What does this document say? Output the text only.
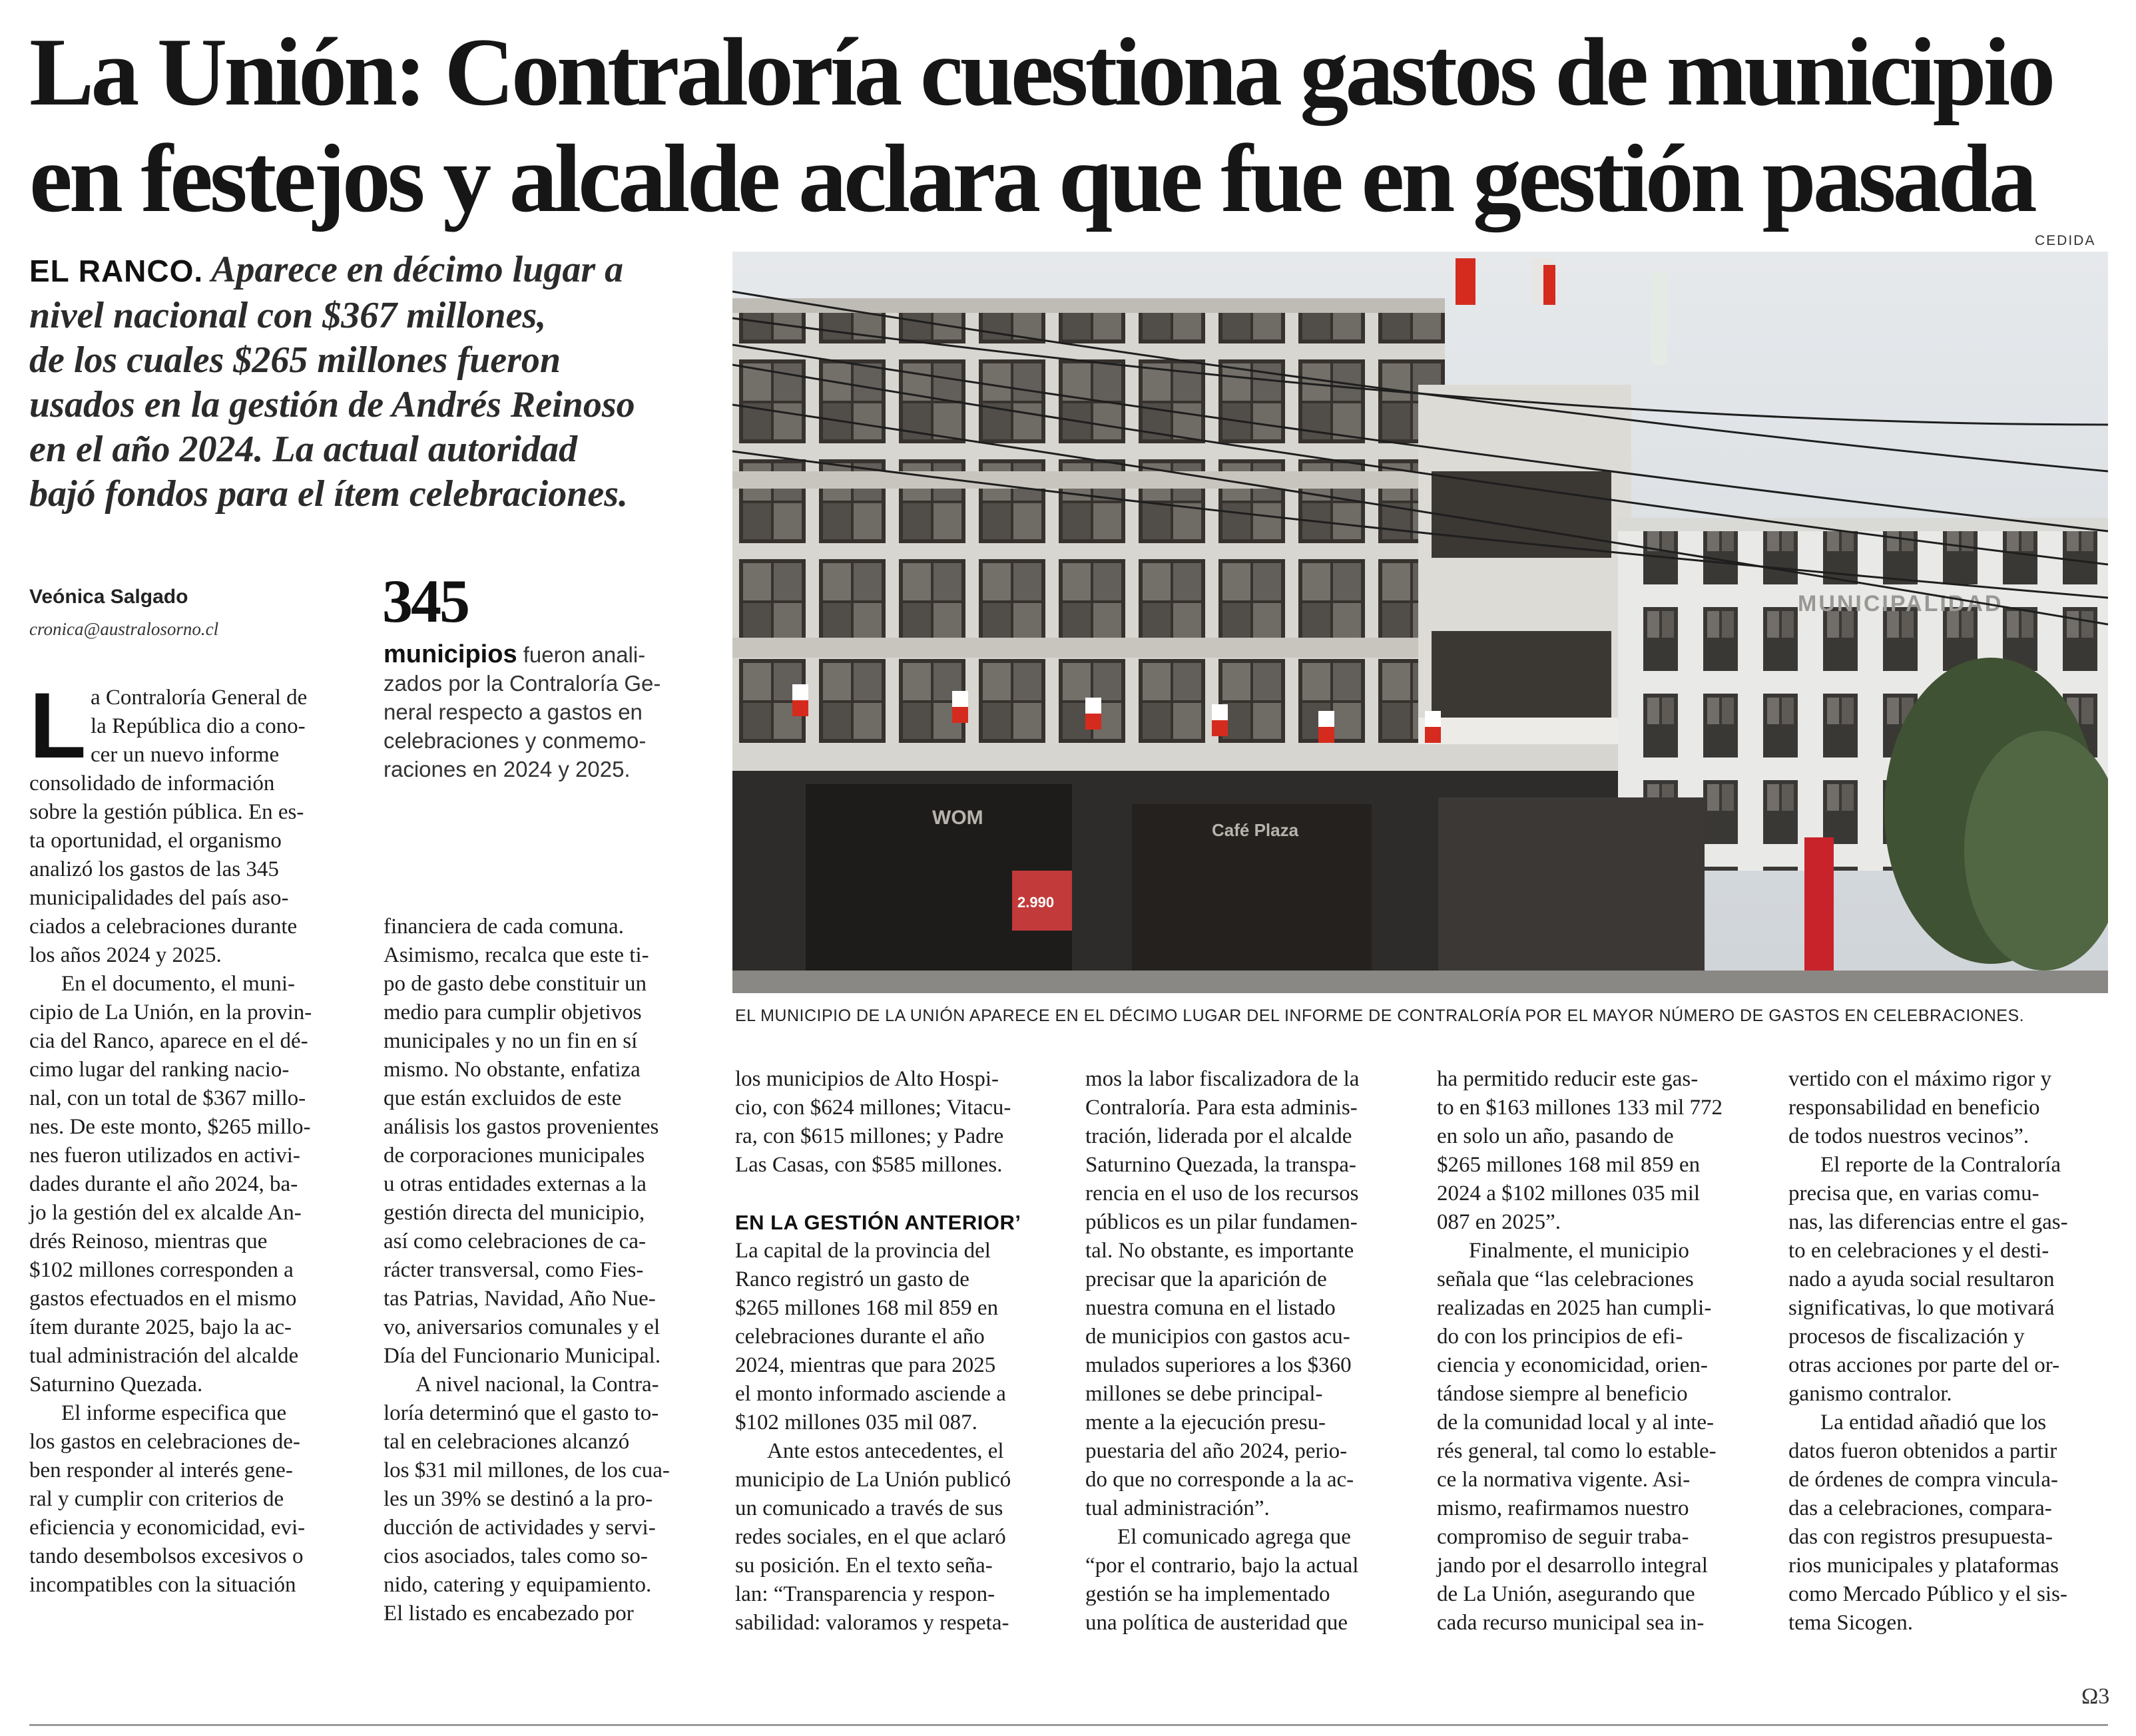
La Unión: Contraloría cuestiona gastos de municipio
en festejos y alcalde aclara que fue en gestión pasada
CEDIDA
EL RANCO. Aparece en décimo lugar a
nivel nacional con $367 millones,
de los cuales $265 millones fueron
usados en la gestión de Andrés Reinoso
en el año 2024. La actual autoridad
bajó fondos para el ítem celebraciones.
Veónica Salgado
cronica@australosorno.cl	345
municipios fueron anali-
zados por la Contraloría Ge-
neral respecto a gastos en
celebraciones y conmemo-
raciones en 2024 y 2025.
MUNICIPALIDAD
WOM
2.990
Café Plaza
EL MUNICIPIO DE LA UNIÓN APARECE EN EL DÉCIMO LUGAR DEL INFORME DE CONTRALORÍA POR EL MAYOR NÚMERO DE GASTOS EN CELEBRACIONES.
L a Contraloría General de
la República dio a cono-
cer un nuevo informe
consolidado de información
sobre la gestión pública. En es-
ta oportunidad, el organismo
analizó los gastos de las 345
municipalidades del país aso-
ciados a celebraciones durante
los años 2024 y 2025.
En el documento, el muni-
cipio de La Unión, en la provin-
cia del Ranco, aparece en el dé-
cimo lugar del ranking nacio-
nal, con un total de $367 millo-
nes. De este monto, $265 millo-
nes fueron utilizados en activi-
dades durante el año 2024, ba-
jo la gestión del ex alcalde An-
drés Reinoso, mientras que
$102 millones corresponden a
gastos efectuados en el mismo
ítem durante 2025, bajo la ac-
tual administración del alcalde
Saturnino Quezada.
El informe especifica que
los gastos en celebraciones de-
ben responder al interés gene-
ral y cumplir con criterios de
eficiencia y economicidad, evi-
tando desembolsos excesivos o
incompatibles con la situación
financiera de cada comuna.
Asimismo, recalca que este ti-
po de gasto debe constituir un
medio para cumplir objetivos
municipales y no un fin en sí
mismo. No obstante, enfatiza
que están excluidos de este
análisis los gastos provenientes
de corporaciones municipales
u otras entidades externas a la
gestión directa del municipio,
así como celebraciones de ca-
rácter transversal, como Fies-
tas Patrias, Navidad, Año Nue-
vo, aniversarios comunales y el
Día del Funcionario Municipal.
A nivel nacional, la Contra-
loría determinó que el gasto to-
tal en celebraciones alcanzó
los $31 mil millones, de los cua-
les un 39% se destinó a la pro-
ducción de actividades y servi-
cios asociados, tales como so-
nido, catering y equipamiento.
El listado es encabezado por
los municipios de Alto Hospi-
cio, con $624 millones; Vitacu-
ra, con $615 millones; y Padre
Las Casas, con $585 millones.
EN LA GESTIÓN ANTERIOR’
La capital de la provincia del
Ranco registró un gasto de
$265 millones 168 mil 859 en
celebraciones durante el año
2024, mientras que para 2025
el monto informado asciende a
$102 millones 035 mil 087.
Ante estos antecedentes, el
municipio de La Unión publicó
un comunicado a través de sus
redes sociales, en el que aclaró
su posición. En el texto seña-
lan: “Transparencia y respon-
sabilidad: valoramos y respeta-
mos la labor fiscalizadora de la
Contraloría. Para esta adminis-
tración, liderada por el alcalde
Saturnino Quezada, la transpa-
rencia en el uso de los recursos
públicos es un pilar fundamen-
tal. No obstante, es importante
precisar que la aparición de
nuestra comuna en el listado
de municipios con gastos acu-
mulados superiores a los $360
millones se debe principal-
mente a la ejecución presu-
puestaria del año 2024, perio-
do que no corresponde a la ac-
tual administración”.
El comunicado agrega que
“por el contrario, bajo la actual
gestión se ha implementado
una política de austeridad que
ha permitido reducir este gas-
to en $163 millones 133 mil 772
en solo un año, pasando de
$265 millones 168 mil 859 en
2024 a $102 millones 035 mil
087 en 2025”.
Finalmente, el municipio
señala que “las celebraciones
realizadas en 2025 han cumpli-
do con los principios de efi-
ciencia y economicidad, orien-
tándose siempre al beneficio
de la comunidad local y al inte-
rés general, tal como lo estable-
ce la normativa vigente. Asi-
mismo, reafirmamos nuestro
compromiso de seguir traba-
jando por el desarrollo integral
de La Unión, asegurando que
cada recurso municipal sea in-
vertido con el máximo rigor y
responsabilidad en beneficio
de todos nuestros vecinos”.
El reporte de la Contraloría
precisa que, en varias comu-
nas, las diferencias entre el gas-
to en celebraciones y el desti-
nado a ayuda social resultaron
significativas, lo que motivará
procesos de fiscalización y
otras acciones por parte del or-
ganismo contralor.
La entidad añadió que los
datos fueron obtenidos a partir
de órdenes de compra vincula-
das a celebraciones, compara-
das con registros presupuesta-
rios municipales y plataformas
como Mercado Público y el sis-
tema Sicogen.
Ω3
